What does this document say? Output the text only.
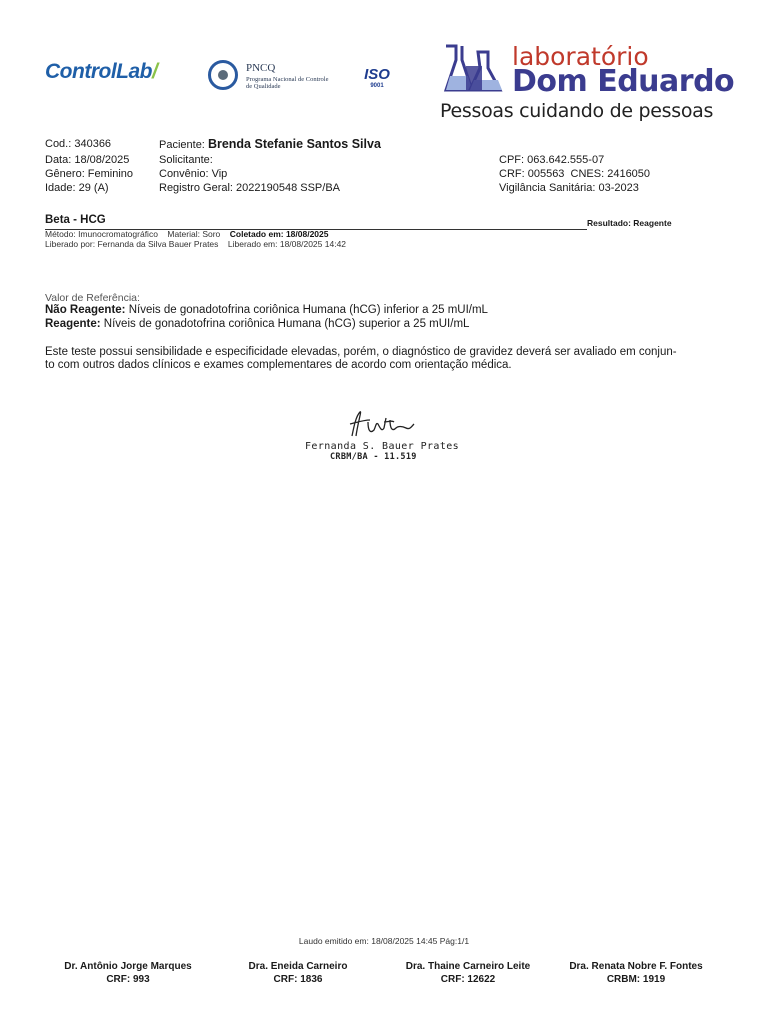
ControlLab/	PNCQ
Programa Nacional de Controle de Qualidade
ISO
9001
laboratório
Dom Eduardo
Pessoas cuidando de pessoas
Cod.: 340366	Paciente: Brenda Stefanie Santos Silva
Data: 18/08/2025	Solicitante:	CPF: 063.642.555-07
Gênero: Feminino Convênio: Vip	CRF: 005563  CNES: 2416050
Idade: 29 (A)	Registro Geral: 2022190548 SSP/BA	Vigilância Sanitária: 03-2023
Beta - HCG	Resultado: Reagente
Método: Imunocromatográfico Material: Soro Coletado em: 18/08/2025
Liberado por: Fernanda da Silva Bauer Prates Liberado em: 18/08/2025 14:42
Valor de Referência:
Não Reagente: Níveis de gonadotofrina coriônica Humana (hCG) inferior a 25 mUI/mL
Reagente: Níveis de gonadotofrina coriônica Humana (hCG) superior a 25 mUI/mL
Este teste possui sensibilidade e especificidade elevadas, porém, o diagnóstico de gravidez deverá ser avaliado em conjun-
to com outros dados clínicos e exames complementares de acordo com orientação médica.
Fernanda S. Bauer Prates
CRBM/BA - 11.519
Laudo emitido em: 18/08/2025 14:45 Pág:1/1
Dr. Antônio Jorge Marques
CRF: 993
Dra. Eneida Carneiro
CRF: 1836
Dra. Thaine Carneiro Leite
CRF: 12622
Dra. Renata Nobre F. Fontes
CRBM: 1919
